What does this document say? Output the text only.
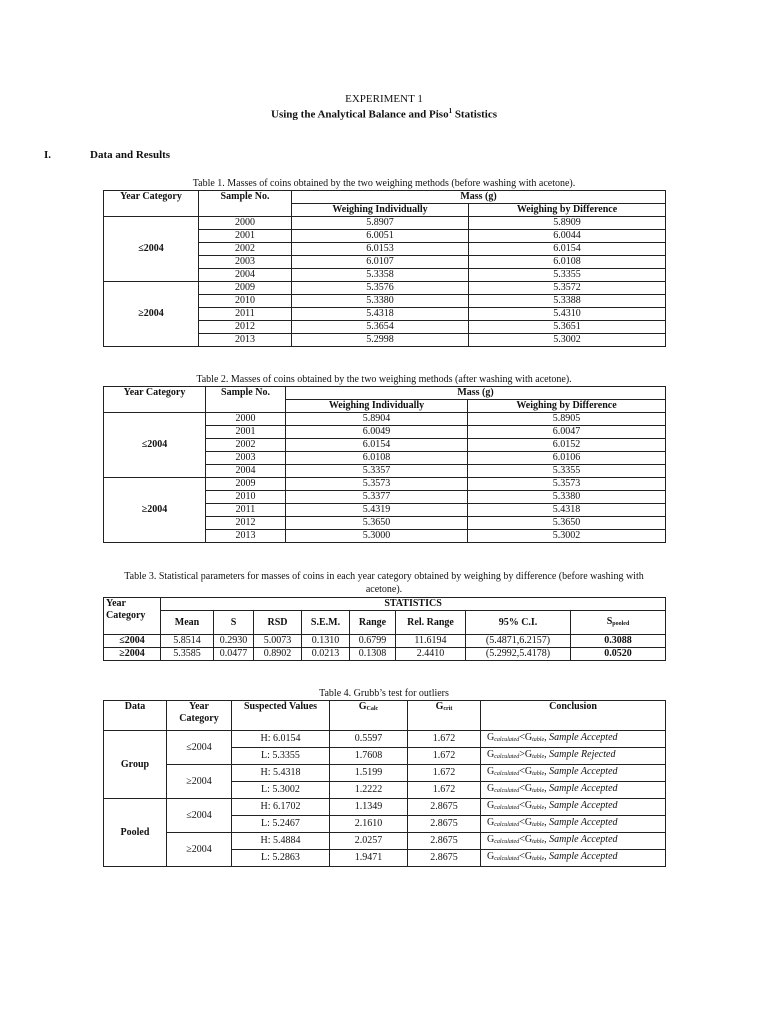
EXPERIMENT 1
Using the Analytical Balance and Piso$^1$ Statistics
I.	Data and Results
Table 1. Masses of coins obtained by the two weighing methods (before washing with acetone).
Year Category	Sample No.	Mass (g)	
		Weighing Individually	Weighing by Difference
≤2004	2000	5.8907	5.8909
	2001	6.0051	6.0044
	2002	6.0153	6.0154
	2003	6.0107	6.0108
	2004	5.3358	5.3355
≥2004	2009	5.3576	5.3572
	2010	5.3380	5.3388
	2011	5.4318	5.4310
	2012	5.3654	5.3651
	2013	5.2998	5.3002
Table 2. Masses of coins obtained by the two weighing methods (after washing with acetone).
Year Category	Sample No.	Mass (g)	
		Weighing Individually	Weighing by Difference
≤2004	2000	5.8904	5.8905
	2001	6.0049	6.0047
	2002	6.0154	6.0152
	2003	6.0108	6.0106
	2004	5.3357	5.3355
≥2004	2009	5.3573	5.3573
	2010	5.3377	5.3380
	2011	5.4319	5.4318
	2012	5.3650	5.3650
	2013	5.3000	5.3002
Table 3. Statistical parameters for masses of coins in each year category obtained by weighing by difference (before washing with
acetone).
Year Category	STATISTICS							
	Mean	S	RSD	S.E.M.	Range	Rel. Range	95% C.I.	$S_{pooled}$
≤2004	5.8514	0.2930	5.0073	0.1310	0.6799	11.6194	(5.4871,6.2157)	0.3088
≥2004	5.3585	0.0477	0.8902	0.0213	0.1308	2.4410	(5.2992,5.4178)	0.0520
Table 4. Grubb’s test for outliers
Data	Year Category	Suspected Values	$G_{Calc}$	$G_{crit}$	Conclusion
Group	≤2004	H: 6.0154	0.5597	1.672	$G_{calculated}<G_{table}$, Sample Accepted
		L: 5.3355	1.7608	1.672	$G_{calculated}>G_{table}$, Sample Rejected
	≥2004	H: 5.4318	1.5199	1.672	$G_{calculated}<G_{table}$, Sample Accepted
		L: 5.3002	1.2222	1.672	$G_{calculated}<G_{table}$, Sample Accepted
Pooled	≤2004	H: 6.1702	1.1349	2.8675	$G_{calculated}<G_{table}$, Sample Accepted
		L: 5.2467	2.1610	2.8675	$G_{calculated}<G_{table}$, Sample Accepted
	≥2004	H: 5.4884	2.0257	2.8675	$G_{calculated}<G_{table}$, Sample Accepted
		L: 5.2863	1.9471	2.8675	$G_{calculated}<G_{table}$, Sample Accepted
